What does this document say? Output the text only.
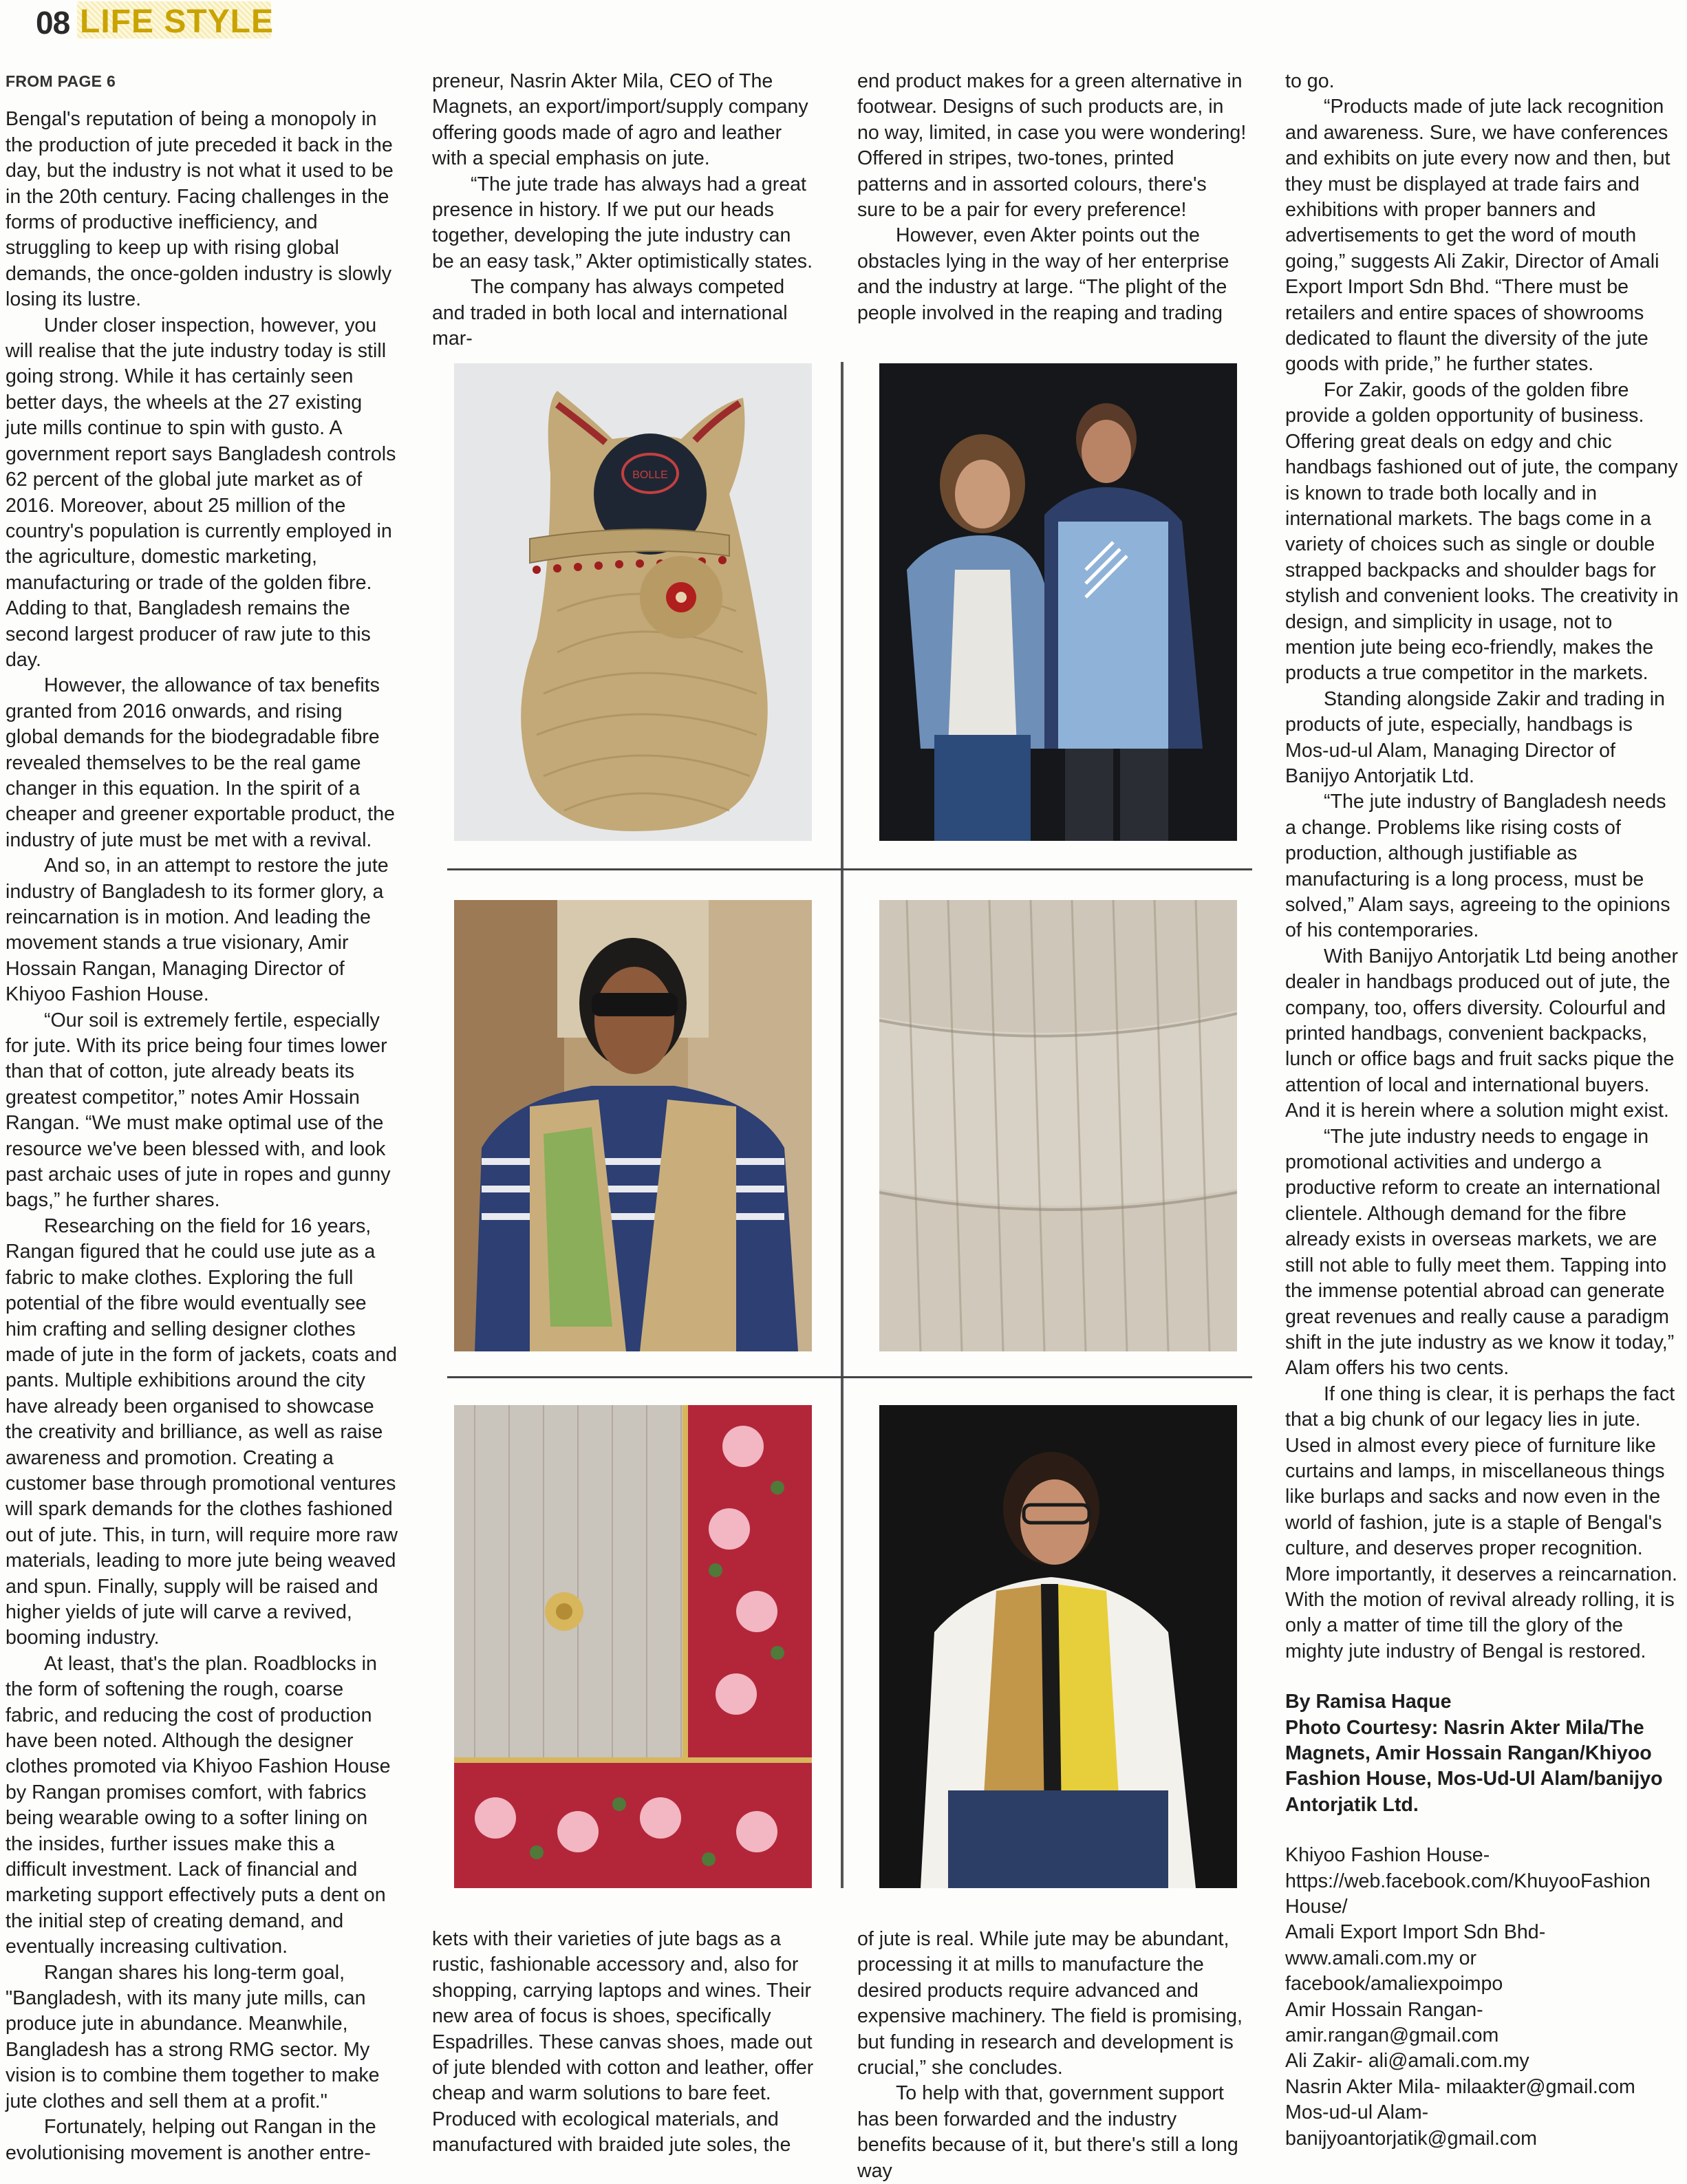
08 LIFE STYLE

FROM PAGE 6

Bengal's reputation of being a monopoly in the production of jute preceded it back in the day, but the industry is not what it used to be in the 20th century. Facing challenges in the forms of productive inefficiency, and struggling to keep up with rising global demands, the once-golden industry is slowly losing its lustre.

Under closer inspection, however, you will realise that the jute industry today is still going strong. While it has certainly seen better days, the wheels at the 27 existing jute mills continue to spin with gusto. A government report says Bangladesh controls 62 percent of the global jute market as of 2016. Moreover, about 25 million of the country's population is currently employed in the agriculture, domestic marketing, manufacturing or trade of the golden fibre. Adding to that, Bangladesh remains the second largest producer of raw jute to this day.

However, the allowance of tax benefits granted from 2016 onwards, and rising global demands for the biodegradable fibre revealed themselves to be the real game changer in this equation. In the spirit of a cheaper and greener exportable product, the industry of jute must be met with a revival.

And so, in an attempt to restore the jute industry of Bangladesh to its former glory, a reincarnation is in motion. And leading the movement stands a true visionary, Amir Hossain Rangan, Managing Director of Khiyoo Fashion House.

“Our soil is extremely fertile, especially for jute. With its price being four times lower than that of cotton, jute already beats its greatest competitor,” notes Amir Hossain Rangan. “We must make optimal use of the resource we've been blessed with, and look past archaic uses of jute in ropes and gunny bags,” he further shares.

Researching on the field for 16 years, Rangan figured that he could use jute as a fabric to make clothes. Exploring the full potential of the fibre would eventually see him crafting and selling designer clothes made of jute in the form of jackets, coats and pants. Multiple exhibitions around the city have already been organised to showcase the creativity and brilliance, as well as raise awareness and promotion. Creating a customer base through promotional ventures will spark demands for the clothes fashioned out of jute. This, in turn, will require more raw materials, leading to more jute being weaved and spun. Finally, supply will be raised and higher yields of jute will carve a revived, booming industry.

At least, that's the plan. Roadblocks in the form of softening the rough, coarse fabric, and reducing the cost of production have been noted. Although the designer clothes promoted via Khiyoo Fashion House by Rangan promises comfort, with fabrics being wearable owing to a softer lining on the insides, further issues make this a difficult investment. Lack of financial and marketing support effectively puts a dent on the initial step of creating demand, and eventually increasing cultivation.

Rangan shares his long-term goal, "Bangladesh, with its many jute mills, can produce jute in abundance. Meanwhile, Bangladesh has a strong RMG sector. My vision is to combine them together to make jute clothes and sell them at a profit."

Fortunately, helping out Rangan in the evolutionising movement is another entre-

preneur, Nasrin Akter Mila, CEO of The Magnets, an export/import/supply company offering goods made of agro and leather with a special emphasis on jute.

“The jute trade has always had a great presence in history. If we put our heads together, developing the jute industry can be an easy task,” Akter optimistically states.

The company has always competed and traded in both local and international mar-

end product makes for a green alternative in footwear. Designs of such products are, in no way, limited, in case you were wondering! Offered in stripes, two-tones, printed patterns and in assorted colours, there's sure to be a pair for every preference!

However, even Akter points out the obstacles lying in the way of her enterprise and the industry at large. “The plight of the people involved in the reaping and trading

to go.

“Products made of jute lack recognition and awareness. Sure, we have conferences and exhibits on jute every now and then, but they must be displayed at trade fairs and exhibitions with proper banners and advertisements to get the word of mouth going,” suggests Ali Zakir, Director of Amali Export Import Sdn Bhd. “There must be retailers and entire spaces of showrooms dedicated to flaunt the diversity of the jute goods with pride,” he further states.

For Zakir, goods of the golden fibre provide a golden opportunity of business. Offering great deals on edgy and chic handbags fashioned out of jute, the company is known to trade both locally and in international markets. The bags come in a variety of choices such as single or double strapped backpacks and shoulder bags for stylish and convenient looks. The creativity in design, and simplicity in usage, not to mention jute being eco-friendly, makes the products a true competitor in the markets.

Standing alongside Zakir and trading in products of jute, especially, handbags is Mos-ud-ul Alam, Managing Director of Banijyo Antorjatik Ltd.

“The jute industry of Bangladesh needs a change. Problems like rising costs of production, although justifiable as manufacturing is a long process, must be solved,” Alam says, agreeing to the opinions of his contemporaries.

With Banijyo Antorjatik Ltd being another dealer in handbags produced out of jute, the company, too, offers diversity. Colourful and printed handbags, convenient backpacks, lunch or office bags and fruit sacks pique the attention of local and international buyers. And it is herein where a solution might exist.

“The jute industry needs to engage in promotional activities and undergo a productive reform to create an international clientele. Although demand for the fibre already exists in overseas markets, we are still not able to fully meet them. Tapping into the immense potential abroad can generate great revenues and really cause a paradigm shift in the jute industry as we know it today,” Alam offers his two cents.

If one thing is clear, it is perhaps the fact that a big chunk of our legacy lies in jute. Used in almost every piece of furniture like curtains and lamps, in miscellaneous things like burlaps and sacks and now even in the world of fashion, jute is a staple of Bengal's culture, and deserves proper recognition. More importantly, it deserves a reincarnation. With the motion of revival already rolling, it is only a matter of time till the glory of the mighty jute industry of Bengal is restored.

By Ramisa Haque

Photo Courtesy: Nasrin Akter Mila/The Magnets, Amir Hossain Rangan/Khiyoo Fashion House, Mos-Ud-Ul Alam/banijyo Antorjatik Ltd.

Khiyoo Fashion House-

https://web.facebook.com/KhuyooFashion

House/

Amali Export Import Sdn Bhd-

www.amali.com.my or

facebook/amaliexpoimpo

Amir Hossain Rangan-

amir.rangan@gmail.com

Ali Zakir- ali@amali.com.my

Nasrin Akter Mila- milaakter@gmail.com

Mos-ud-ul Alam-

banijyoantorjatik@gmail.com

kets with their varieties of jute bags as a rustic, fashionable accessory and, also for shopping, carrying laptops and wines. Their new area of focus is shoes, specifically Espadrilles. These canvas shoes, made out of jute blended with cotton and leather, offer cheap and warm solutions to bare feet. Produced with ecological materials, and manufactured with braided jute soles, the

of jute is real. While jute may be abundant, processing it at mills to manufacture the desired products require advanced and expensive machinery. The field is promising, but funding in research and development is crucial,” she concludes.

To help with that, government support has been forwarded and the industry benefits because of it, but there's still a long way

BOLLE
